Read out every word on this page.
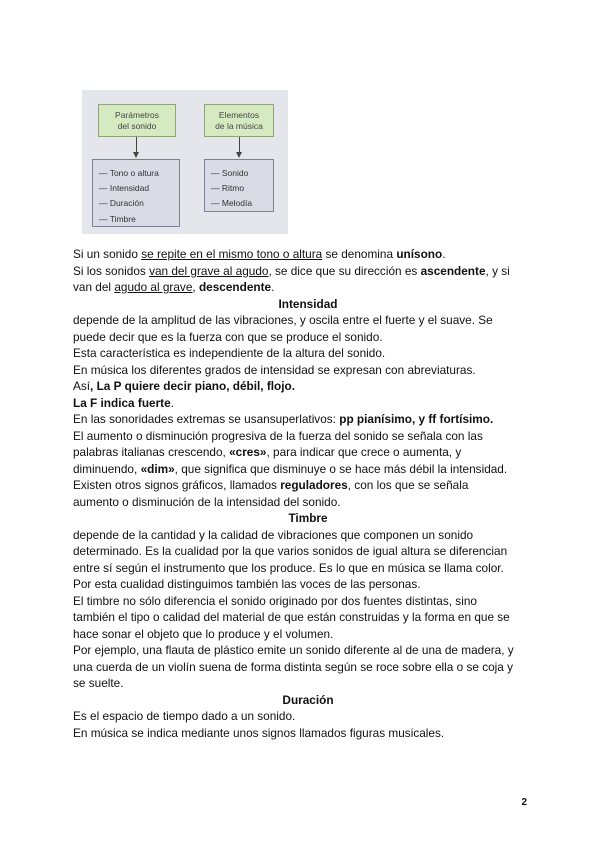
Parámetros
del sonido
Elementos
de la música
— Tono o altura
— Intensidad
— Duración
— Timbre
— Sonido
— Ritmo
— Melodía

Si un sonido se repite en el mismo tono o altura se denomina unísono.

Si los sonidos van del grave al agudo, se dice que su dirección es ascendente, y si

van del agudo al grave, descendente.

Intensidad

depende de la amplitud de las vibraciones, y oscila entre el fuerte y el suave. Se

puede decir que es la fuerza con que se produce el sonido.

Esta característica es independiente de la altura del sonido.

En música los diferentes grados de intensidad se expresan con abreviaturas.

Así, La P quiere decir piano, débil, flojo.

La F indica fuerte.

En las sonoridades extremas se usansuperlativos: pp pianísimo, y ff fortísimo.

El aumento o disminución progresiva de la fuerza del sonido se señala con las

palabras italianas crescendo, «cres», para indicar que crece o aumenta, y

diminuendo, «dim», que significa que disminuye o se hace más débil la intensidad.

Existen otros signos gráficos, llamados reguladores, con los que se señala

aumento o disminución de la intensidad del sonido.

Timbre

depende de la cantidad y la calidad de vibraciones que componen un sonido

determinado. Es la cualidad por la que varios sonidos de igual altura se diferencian

entre sí según el instrumento que los produce. Es lo que en música se llama color.

Por esta cualidad distinguimos también las voces de las personas.

El timbre no sólo diferencia el sonido originado por dos fuentes distintas, sino

también el tipo o calidad del material de que están construidas y la forma en que se

hace sonar el objeto que lo produce y el volumen.

Por ejemplo, una flauta de plástico emite un sonido diferente al de una de madera, y

una cuerda de un violín suena de forma distinta según se roce sobre ella o se coja y

se suelte.

Duración

Es el espacio de tiempo dado a un sonido.

En música se indica mediante unos signos llamados figuras musicales.

2
